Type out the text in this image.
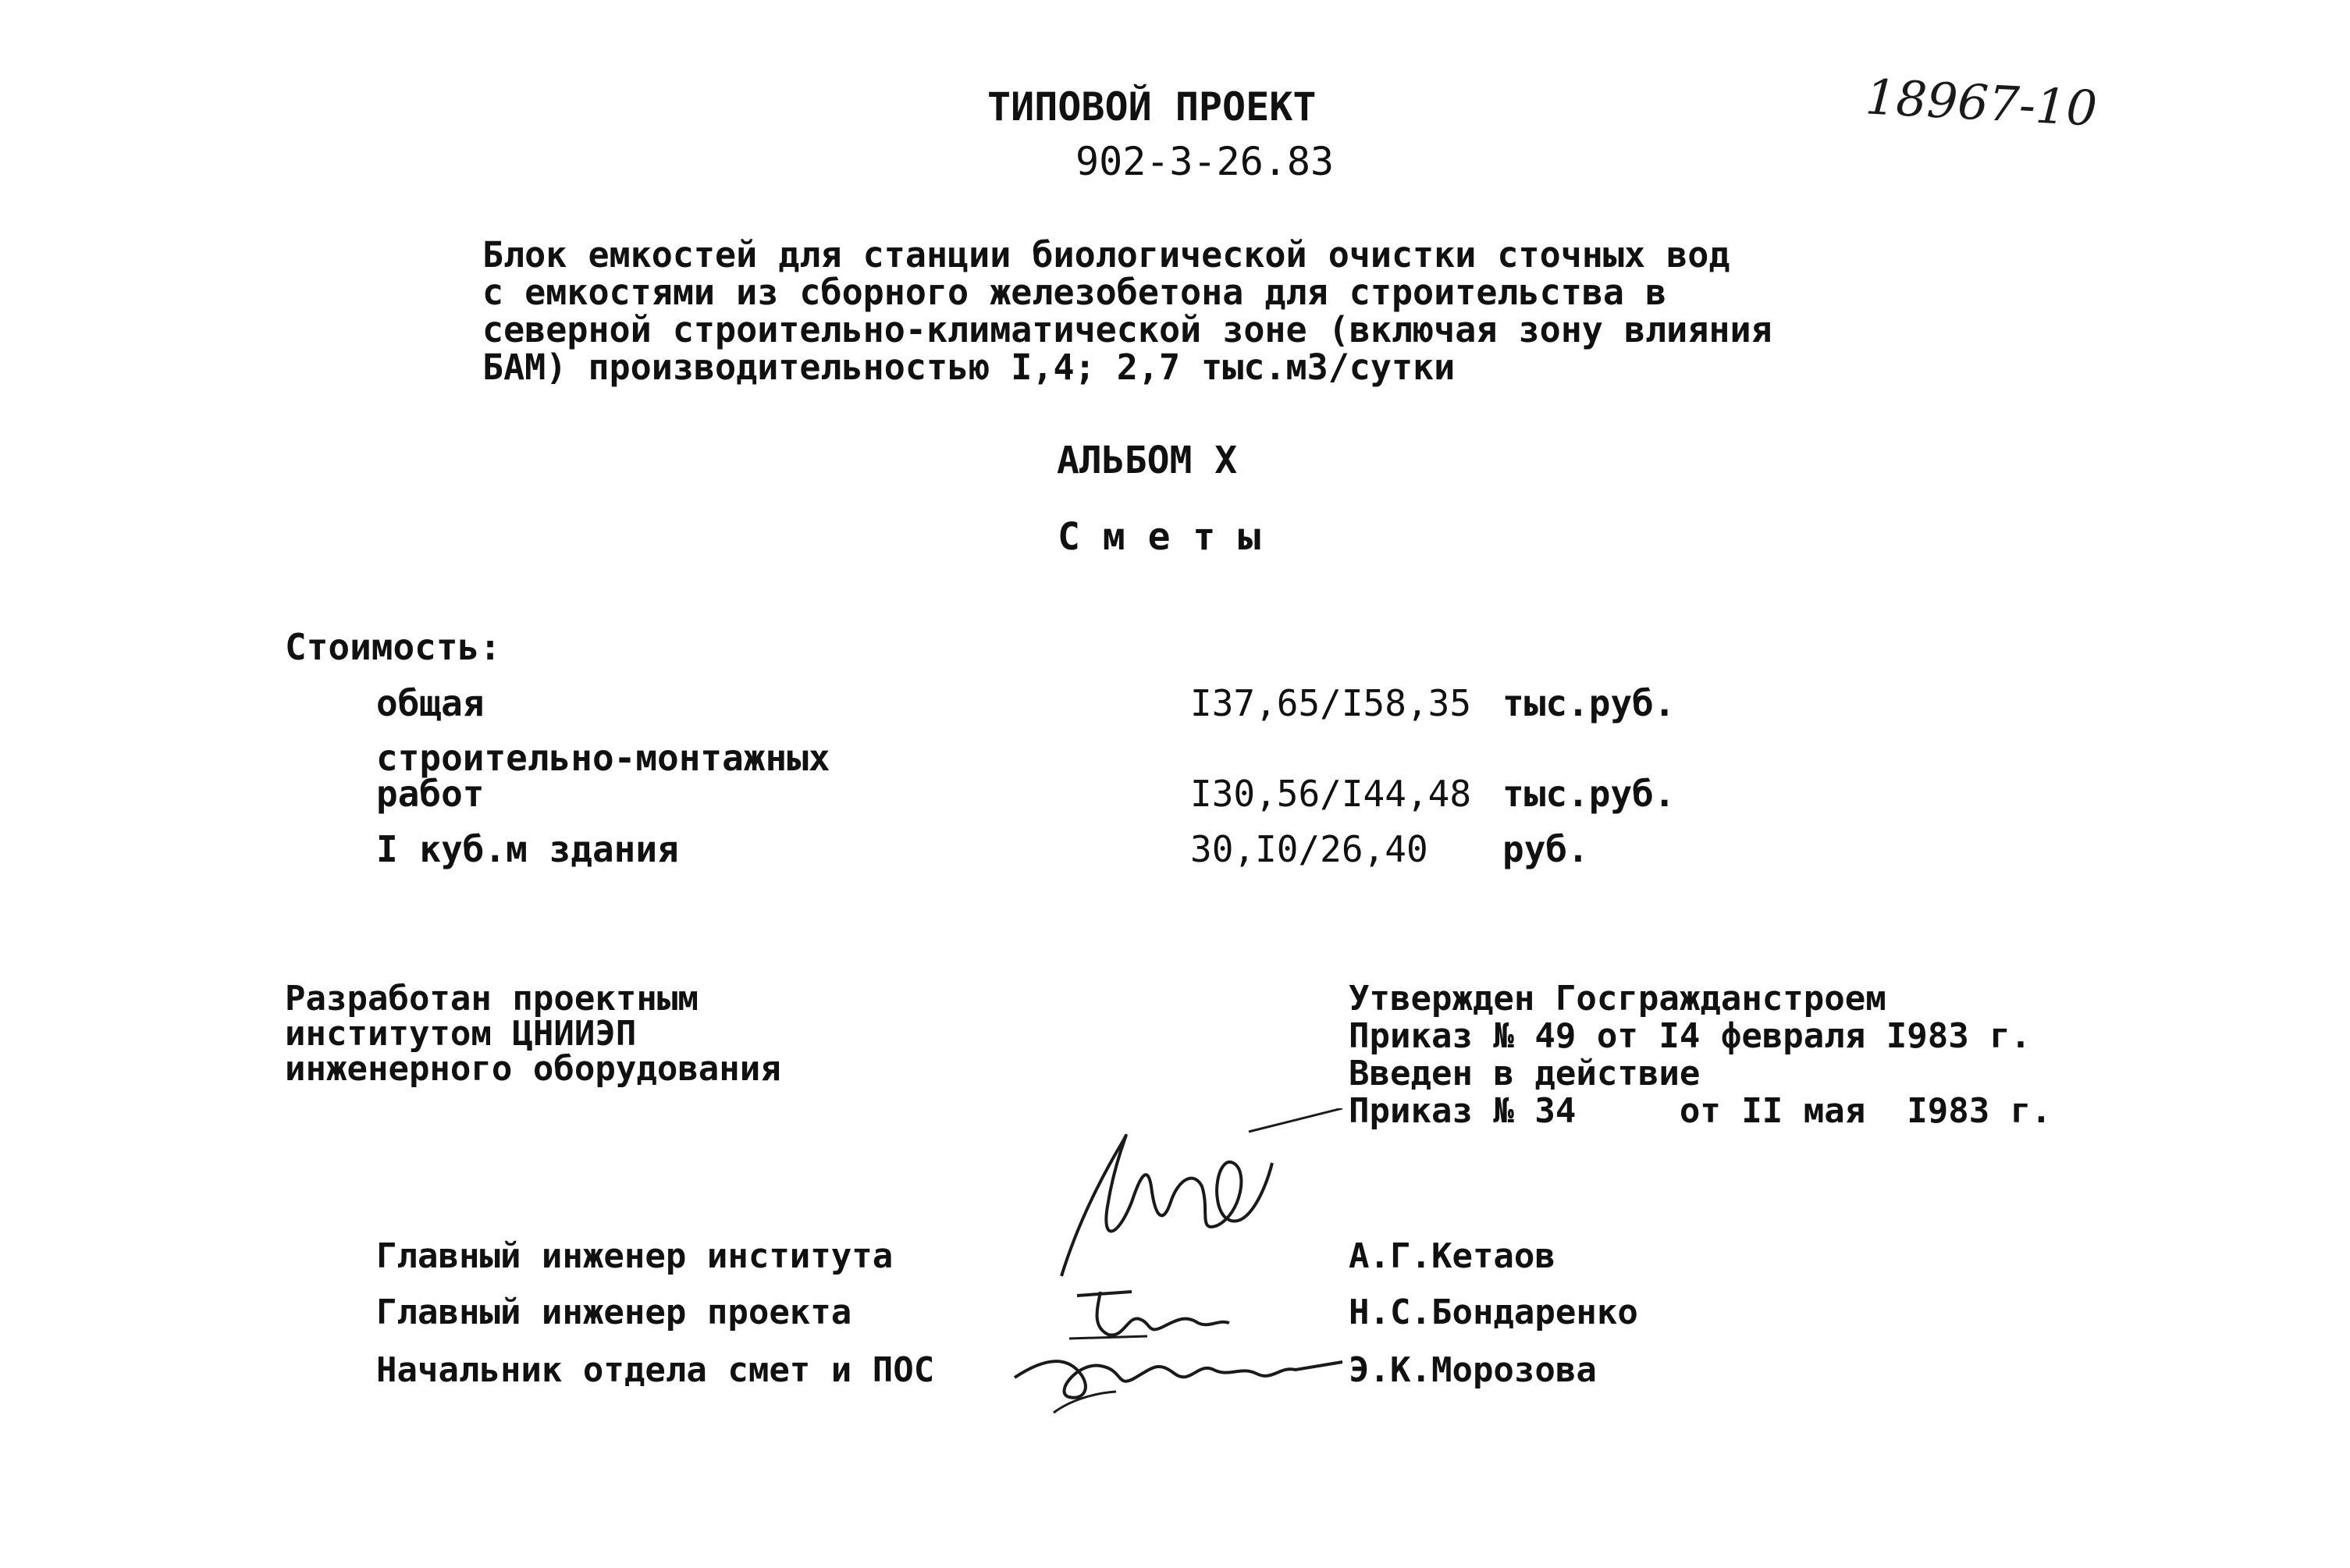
18967-10
ТИПОВОЙ ПРОЕКТ
902-3-26.83
Блок емкостей для станции биологической очистки сточных вод
с емкостями из сборного железобетона для строительства в
северной строительно-климатической зоне (включая зону влияния
БАМ) производительностью I,4; 2,7 тыс.м3/сутки
АЛЬБОМ X
С м е т ы
Стоимость:
общая	I37,65/I58,35 тыс.руб.
строительно-монтажных
работ	I30,56/I44,48 тыс.руб.
I куб.м здания	30,I0/26,40 руб.
Разработан проектным
институтом ЦНИИЭП
инженерного оборудования
Утвержден Госгражданстроем
Приказ № 49 от I4 февраля I983 г.
Введен в действие
Приказ № 34     от II мая  I983 г.
Главный инженер института	А.Г.Кетаов
Главный инженер проекта	Н.С.Бондаренко
Начальник отдела смет и ПОС	Э.К.Морозова
